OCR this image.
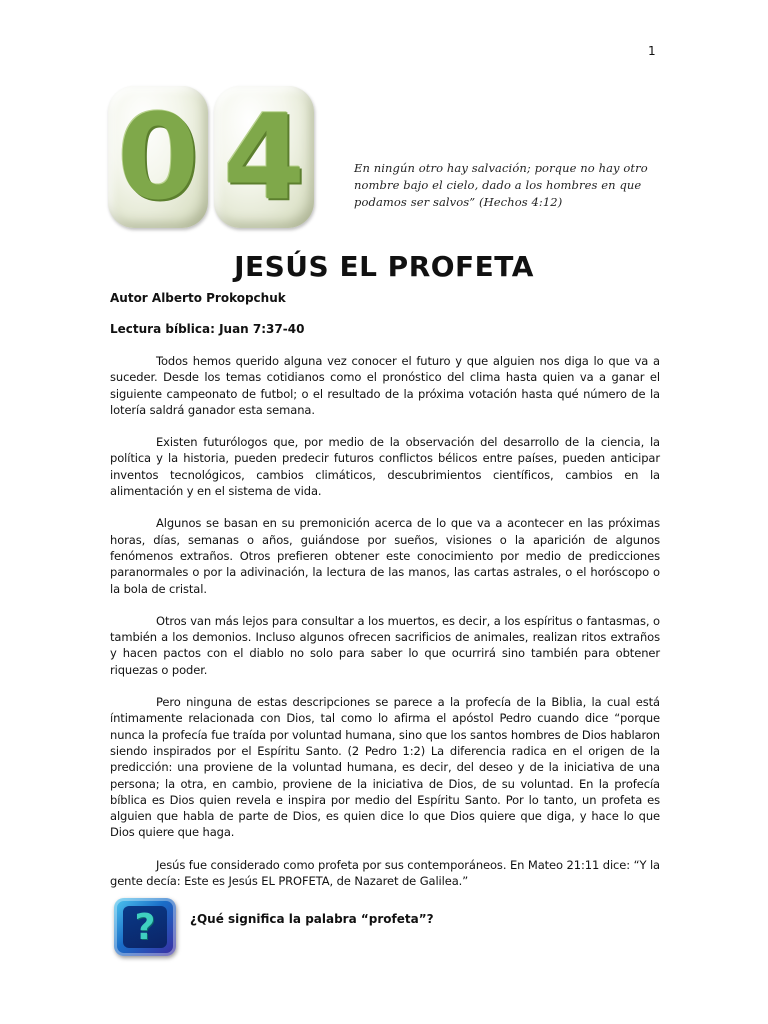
1
0 4	En ningún otro hay salvación; porque no hay otro nombre bajo el cielo, dado a los hombres en que podamos ser salvos” (Hechos 4:12)
JESÚS EL PROFETA
Autor Alberto Prokopchuk
Lectura bíblica: Juan 7:37-40

Todos hemos querido alguna vez conocer el futuro y que alguien nos diga lo que va a suceder. Desde los temas cotidianos como el pronóstico del clima hasta quien va a ganar el siguiente campeonato de futbol; o el resultado de la próxima votación hasta qué número de la lotería saldrá ganador esta semana.

Existen futurólogos que, por medio de la observación del desarrollo de la ciencia, la política y la historia, pueden predecir futuros conflictos bélicos entre países, pueden anticipar inventos tecnológicos, cambios climáticos, descubrimientos científicos, cambios en la alimentación y en el sistema de vida.

Algunos se basan en su premonición acerca de lo que va a acontecer en las próximas horas, días, semanas o años, guiándose por sueños, visiones o la aparición de algunos fenómenos extraños. Otros prefieren obtener este conocimiento por medio de predicciones paranormales o por la adivinación, la lectura de las manos, las cartas astrales, o el horóscopo o la bola de cristal.

Otros van más lejos para consultar a los muertos, es decir, a los espíritus o fantasmas, o también a los demonios. Incluso algunos ofrecen sacrificios de animales, realizan ritos extraños y hacen pactos con el diablo no solo para saber lo que ocurrirá sino también para obtener riquezas o poder.

Pero ninguna de estas descripciones se parece a la profecía de la Biblia, la cual está íntimamente relacionada con Dios, tal como lo afirma el apóstol Pedro cuando dice “porque nunca la profecía fue traída por voluntad humana, sino que los santos hombres de Dios hablaron siendo inspirados por el Espíritu Santo. (2 Pedro 1:2) La diferencia radica en el origen de la predicción: una proviene de la voluntad humana, es decir, del deseo y de la iniciativa de una persona; la otra, en cambio, proviene de la iniciativa de Dios, de su voluntad. En la profecía bíblica es Dios quien revela e inspira por medio del Espíritu Santo. Por lo tanto, un profeta es alguien que habla de parte de Dios, es quien dice lo que Dios quiere que diga, y hace lo que Dios quiere que haga.

Jesús fue considerado como profeta por sus contemporáneos. En Mateo 21:11 dice: “Y la gente decía: Este es Jesús EL PROFETA, de Nazaret de Galilea.”

?	¿Qué significa la palabra “profeta”?
